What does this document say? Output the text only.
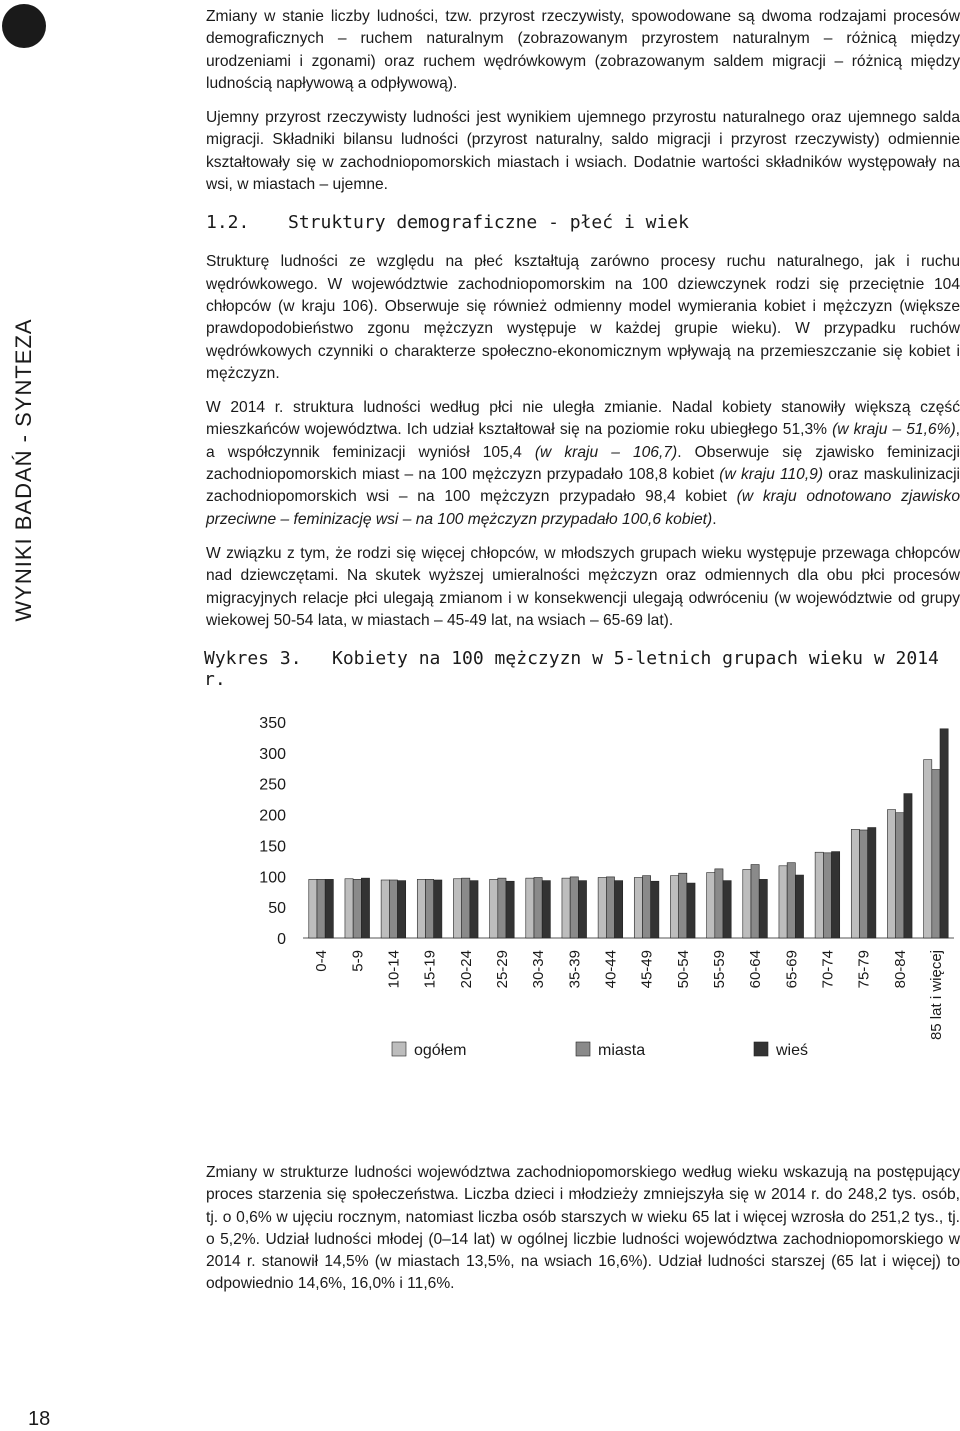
WYNIKI BADAŃ - SYNTEZA
18

Zmiany w stanie liczby ludności, tzw. przyrost rzeczywisty, spowodowane są dwoma rodzajami procesów demograficznych – ruchem naturalnym (zobrazowanym przyrostem naturalnym – różnicą między urodzeniami i zgonami) oraz ruchem wędrówkowym (zobrazowanym saldem migracji – różnicą między ludnością napływową a odpływową).

Ujemny przyrost rzeczywisty ludności jest wynikiem ujemnego przyrostu naturalnego oraz ujemnego salda migracji. Składniki bilansu ludności (przyrost naturalny, saldo migracji i przyrost rzeczywisty) odmiennie kształtowały się w zachodniopomorskich miastach i wsiach. Dodatnie wartości składników występowały na wsi, w miastach – ujemne.

1.2. Struktury demograficzne - płeć i wiek

Strukturę ludności ze względu na płeć kształtują zarówno procesy ruchu naturalnego, jak i ruchu wędrówkowego. W województwie zachodniopomorskim na 100 dziewczynek rodzi się przeciętnie 104 chłopców (w kraju 106). Obserwuje się również odmienny model wymierania kobiet i mężczyzn (większe prawdopodobieństwo zgonu mężczyzn występuje w każdej grupie wieku). W przypadku ruchów wędrówkowych czynniki o charakterze społeczno-ekonomicznym wpływają na przemieszczanie się kobiet i mężczyzn.

W 2014 r. struktura ludności według płci nie uległa zmianie. Nadal kobiety stanowiły większą część mieszkańców województwa. Ich udział kształtował się na poziomie roku ubiegłego 51,3% (w kraju – 51,6%), a współczynnik feminizacji wyniósł 105,4 (w kraju – 106,7). Obserwuje się zjawisko feminizacji zachodniopomorskich miast – na 100 mężczyzn przypadało 108,8 kobiet (w kraju 110,9) oraz maskulinizacji zachodniopomorskich wsi – na 100 mężczyzn przypadało 98,4 kobiet (w kraju odnotowano zjawisko przeciwne – feminizację wsi – na 100 mężczyzn przypadało 100,6 kobiet).

W związku z tym, że rodzi się więcej chłopców, w młodszych grupach wieku występuje przewaga chłopców nad dziewczętami. Na skutek wyższej umieralności mężczyzn oraz odmiennych dla obu płci procesów migracyjnych relacje płci ulegają zmianom i w konsekwencji ulegają odwróceniu (w województwie od grupy wiekowej 50-54 lata, w miastach – 45-49 lat, na wsiach – 65-69 lat).

Wykres 3. Kobiety na 100 mężczyzn w 5-letnich grupach wieku w 2014 r.
0
50
100
150
200
250
300
350
0-4 5-9 10-14 15-19 20-24 25-29 30-34 35-39 40-44 45-49 50-54 55-59 60-64 65-69 70-74 75-79 80-84 85 lat i więcej
ogółem	miasta	wieś

Zmiany w strukturze ludności województwa zachodniopomorskiego według wieku wskazują na postępujący proces starzenia się społeczeństwa. Liczba dzieci i młodzieży zmniejszyła się w 2014 r. do 248,2 tys. osób, tj. o 0,6% w ujęciu rocznym, natomiast liczba osób starszych w wieku 65 lat i więcej wzrosła do 251,2 tys., tj. o 5,2%. Udział ludności młodej (0–14 lat) w ogólnej liczbie ludności województwa zachodniopomorskiego w 2014 r. stanowił 14,5% (w miastach 13,5%, na wsiach 16,6%). Udział ludności starszej (65 lat i więcej) to odpowiednio 14,6%, 16,0% i 11,6%.
